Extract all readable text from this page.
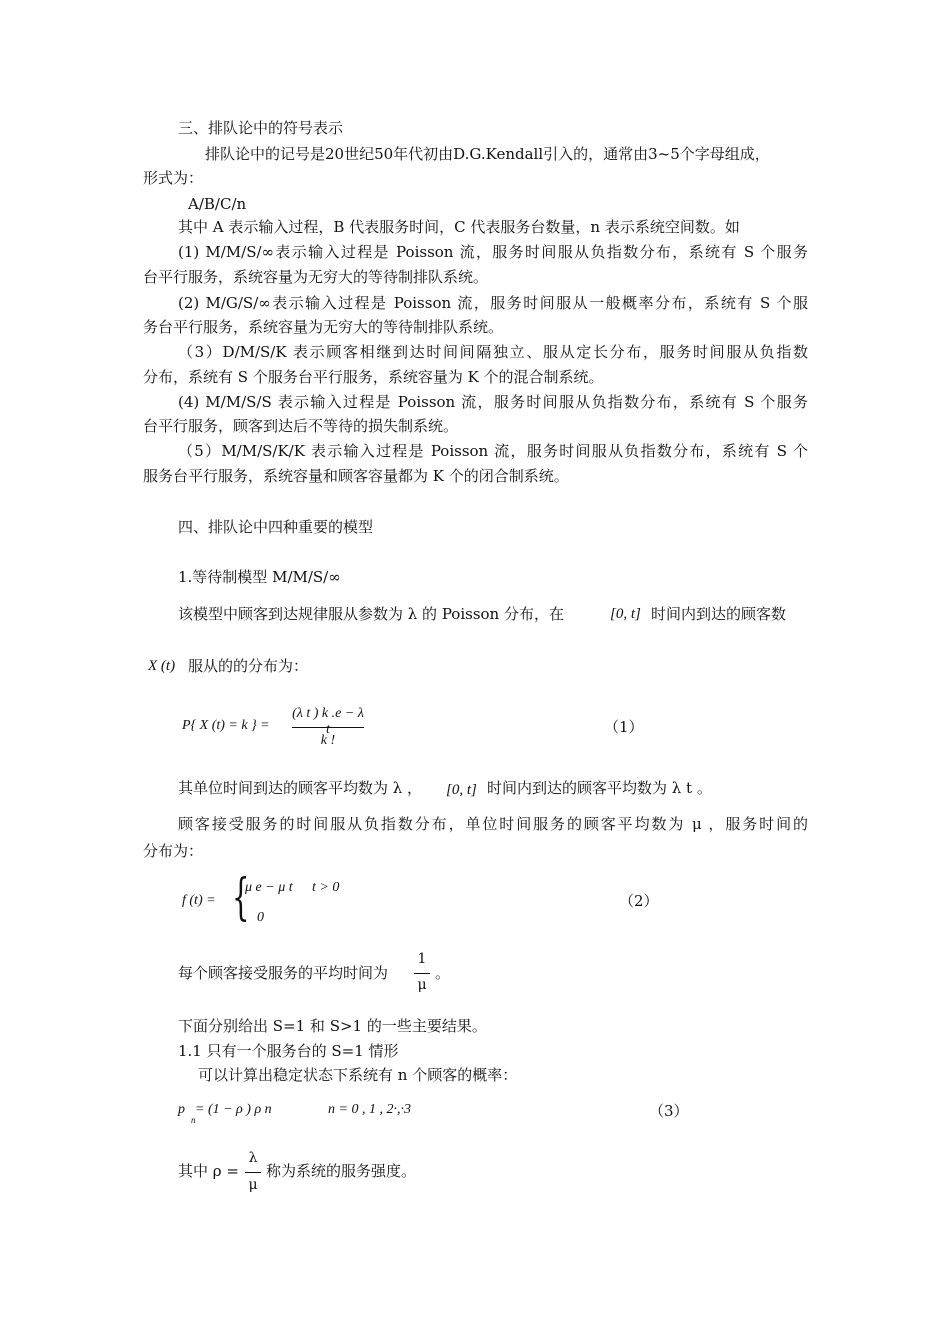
三、排队论中的符号表示
排队论中的记号是20世纪50年代初由D.G.Kendall引入的，通常由3~5个字母组成，
形式为：
A/B/C/n
其中 A 表示输入过程，B 代表服务时间，C 代表服务台数量，n 表示系统空间数。如
(1) M/M/S/∞表示输入过程是 Poisson 流，服务时间服从负指数分布，系统有 S 个服务
台平行服务，系统容量为无穷大的等待制排队系统。
(2) M/G/S/∞表示输入过程是 Poisson 流，服务时间服从一般概率分布，系统有 S 个服
务台平行服务，系统容量为无穷大的等待制排队系统。
（3）D/M/S/K 表示顾客相继到达时间间隔独立、服从定长分布，服务时间服从负指数
分布，系统有 S 个服务台平行服务，系统容量为 K 个的混合制系统。
(4) M/M/S/S 表示输入过程是 Poisson 流，服务时间服从负指数分布，系统有 S 个服务
台平行服务，顾客到达后不等待的损失制系统。
（5）M/M/S/K/K 表示输入过程是 Poisson 流，服务时间服从负指数分布，系统有 S 个
服务台平行服务，系统容量和顾客容量都为 K 个的闭合制系统。
四、排队论中四种重要的模型
1.等待制模型 M/M/S/∞
该模型中顾客到达规律服从参数为 λ 的 Poisson 分布，在	[0, t] 时间内到达的顾客数
X (t) 服从的的分布为：
P{ X (t) = k } =
(λ t ) k .e − λ t
k !
（1）
其单位时间到达的顾客平均数为 λ ， [0, t] 时间内到达的顾客平均数为 λ t 。
顾客接受服务的时间服从负指数分布，单位时间服务的顾客平均数为 μ ，服务时间的
分布为：
f (t) = {
μ e − μ t t > 0
0
（2）
每个顾客接受服务的平均时间为
1
μ
。
下面分别给出 S=1 和 S>1 的一些主要结果。
1.1 只有一个服务台的 S=1 情形
可以计算出稳定状态下系统有 n 个顾客的概率：
p
n
= (1 − ρ ) ρ n	n = 0 , 1 , 2·,·3	（3）
其中 ρ =
λ
μ
称为系统的服务强度。
